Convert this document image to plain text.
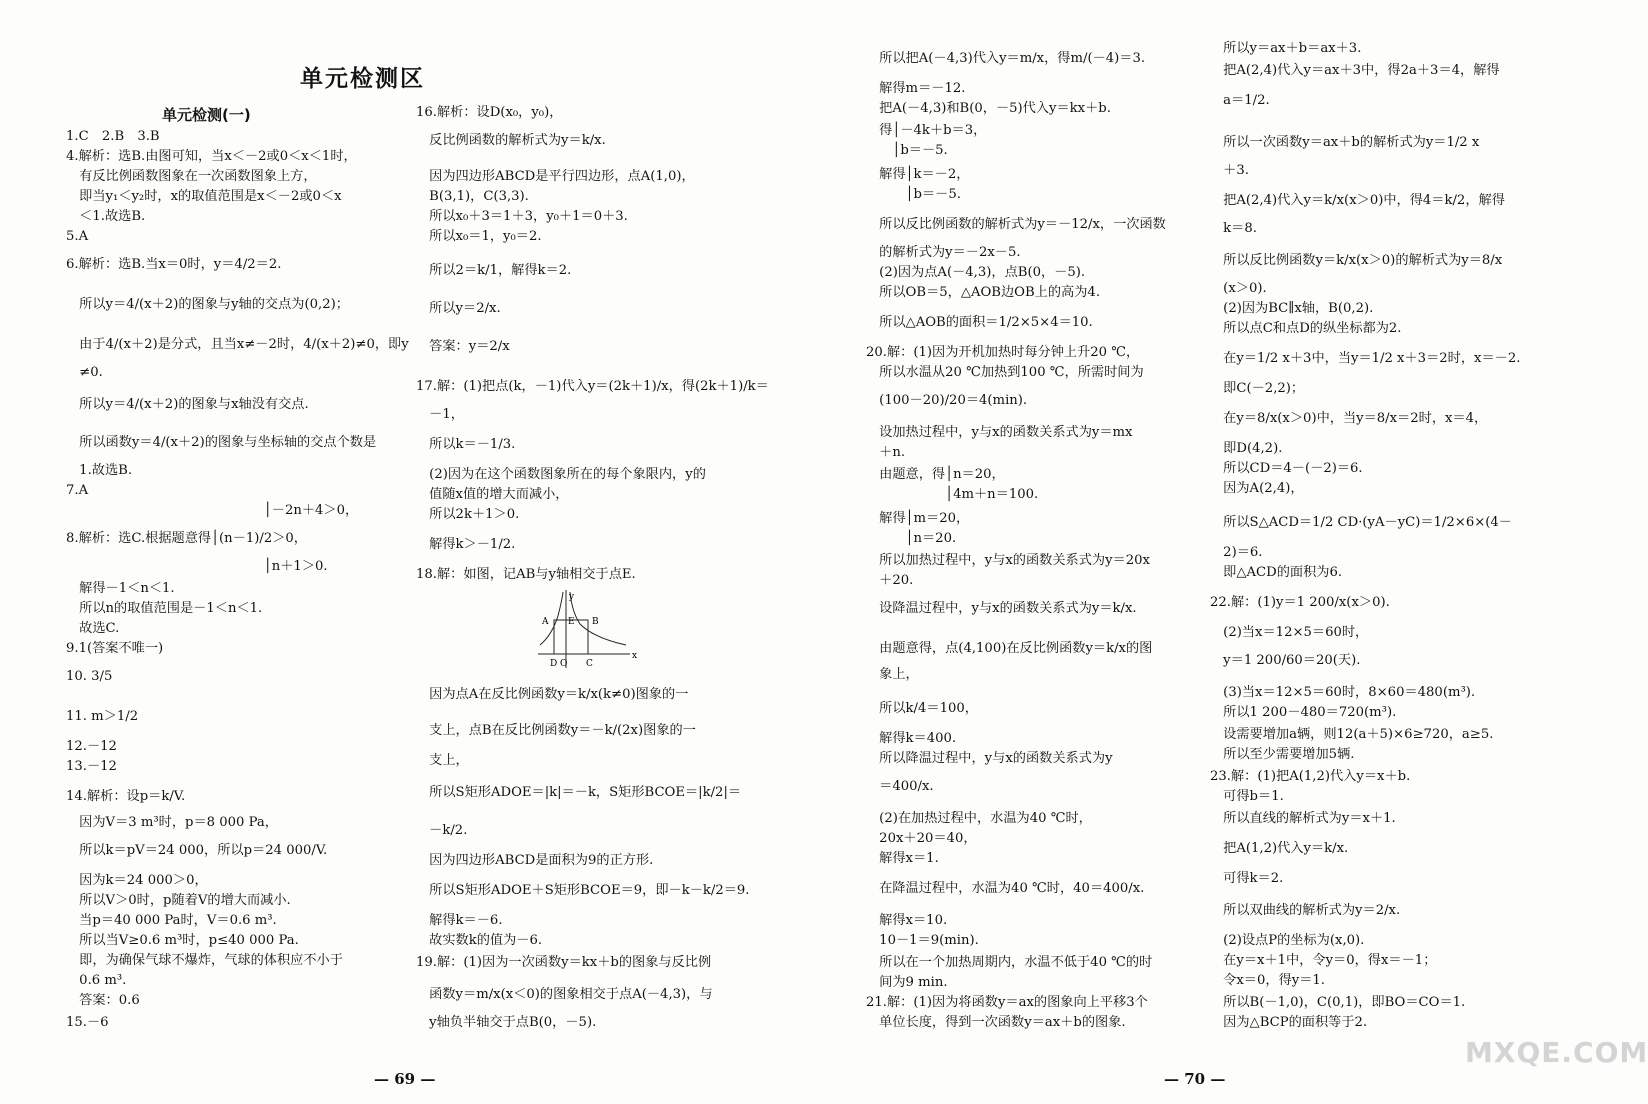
单元检测区
单元检测(一)
1.C　2.B　3.B
4.解析：选B.由图可知，当x＜－2或0＜x＜1时，
　有反比例函数图象在一次函数图象上方，
　即当y₁＜y₂时，x的取值范围是x＜－2或0＜x
　＜1.故选B.
5.A
6.解析：选B.当x＝0时，y＝4/2＝2.
　所以y＝4/(x＋2)的图象与y轴的交点为(0,2)；
　由于4/(x＋2)是分式，且当x≠－2时，4/(x＋2)≠0，即y
　≠0.
　所以y＝4/(x＋2)的图象与x轴没有交点.
　所以函数y＝4/(x＋2)的图象与坐标轴的交点个数是
　1.故选B.
7.A
　　　　　　　　　　　　　　　│－2n＋4＞0，
8.解析：选C.根据题意得│(n－1)/2＞0，
　　　　　　　　　　　　　　　│n＋1＞0.
　解得－1＜n＜1.
　所以n的取值范围是－1＜n＜1.
　故选C.
9.1(答案不唯一)
10. 3/5
11. m＞1/2
12.－12
13.－12
14.解析：设p＝k/V.
　因为V＝3 m³时，p＝8 000 Pa，
　所以k＝pV＝24 000，所以p＝24 000/V.
　因为k＝24 000＞0，
　所以V＞0时，p随着V的增大而减小.
　当p＝40 000 Pa时，V＝0.6 m³.
　所以当V≥0.6 m³时，p≤40 000 Pa.
　即，为确保气球不爆炸，气球的体积应不小于
　0.6 m³.
　答案：0.6
15.－6
16.解析：设D(x₀，y₀)，
　反比例函数的解析式为y＝k/x.
　因为四边形ABCD是平行四边形，点A(1,0)，
　B(3,1)，C(3,3).
　所以x₀＋3＝1＋3，y₀＋1＝0＋3.
　所以x₀＝1，y₀＝2.
　所以2＝k/1，解得k＝2.
　所以y＝2/x.
　答案：y＝2/x
17.解：(1)把点(k，－1)代入y＝(2k＋1)/x，得(2k＋1)/k＝
　－1，
　所以k＝－1/3.
　(2)因为在这个函数图象所在的每个象限内，y的
　值随x值的增大而减小，
　所以2k＋1＞0.
　解得k＞－1/2.
18.解：如图，记AB与y轴相交于点E.
　因为点A在反比例函数y＝k/x(k≠0)图象的一
　支上，点B在反比例函数y＝－k/(2x)图象的一
　支上，
　所以S矩形ADOE＝|k|＝－k，S矩形BCOE＝|k/2|＝
　－k/2.
　因为四边形ABCD是面积为9的正方形.
　所以S矩形ADOE＋S矩形BCOE＝9，即－k－k/2＝9.
　解得k＝－6.
　故实数k的值为－6.
19.解：(1)因为一次函数y＝kx＋b的图象与反比例
　函数y＝m/x(x＜0)的图象相交于点A(－4,3)，与
　y轴负半轴交于点B(0，－5).
　所以把A(－4,3)代入y＝m/x，得m/(－4)＝3.
　解得m＝－12.
　把A(－4,3)和B(0，－5)代入y＝kx＋b.
　得│－4k＋b＝3，
　　│b＝－5.
　解得│k＝－2，
　　　│b＝－5.
　所以反比例函数的解析式为y＝－12/x，一次函数
　的解析式为y＝－2x－5.
　(2)因为点A(－4,3)，点B(0，－5).
　所以OB＝5，△AOB边OB上的高为4.
　所以△AOB的面积＝1/2×5×4＝10.
20.解：(1)因为开机加热时每分钟上升20 ℃，
　所以水温从20 ℃加热到100 ℃，所需时间为
　(100－20)/20＝4(min).
　设加热过程中，y与x的函数关系式为y＝mx
　＋n.
　由题意，得│n＝20，
　　　　　　│4m＋n＝100.
　解得│m＝20，
　　　│n＝20.
　所以加热过程中，y与x的函数关系式为y＝20x
　＋20.
　设降温过程中，y与x的函数关系式为y＝k/x.
　由题意得，点(4,100)在反比例函数y＝k/x的图
　象上，
　所以k/4＝100，
　解得k＝400.
　所以降温过程中，y与x的函数关系式为y
　＝400/x.
　(2)在加热过程中，水温为40 ℃时，
　20x＋20＝40，
　解得x＝1.
　在降温过程中，水温为40 ℃时，40＝400/x.
　解得x＝10.
　10－1＝9(min).
　所以在一个加热周期内，水温不低于40 ℃的时
　间为9 min.
21.解：(1)因为将函数y＝ax的图象向上平移3个
　单位长度，得到一次函数y＝ax＋b的图象.
　所以y＝ax＋b＝ax＋3.
　把A(2,4)代入y＝ax＋3中，得2a＋3＝4，解得
　a＝1/2.
　所以一次函数y＝ax＋b的解析式为y＝1/2 x
　＋3.
　把A(2,4)代入y＝k/x(x＞0)中，得4＝k/2，解得
　k＝8.
　所以反比例函数y＝k/x(x＞0)的解析式为y＝8/x
　(x＞0).
　(2)因为BC∥x轴，B(0,2).
　所以点C和点D的纵坐标都为2.
　在y＝1/2 x＋3中，当y＝1/2 x＋3＝2时，x＝－2.
　即C(－2,2)；
　在y＝8/x(x＞0)中，当y＝8/x＝2时，x＝4，
　即D(4,2).
　所以CD＝4－(－2)＝6.
　因为A(2,4)，
　所以S△ACD＝1/2 CD·(yA－yC)＝1/2×6×(4－
　2)＝6.
　即△ACD的面积为6.
22.解：(1)y＝1 200/x(x＞0).
　(2)当x＝12×5＝60时，
　y＝1 200/60＝20(天).
　(3)当x＝12×5＝60时，8×60＝480(m³).
　所以1 200－480＝720(m³).
　设需要增加a辆，则12(a＋5)×6≥720，a≥5.
　所以至少需要增加5辆.
23.解：(1)把A(1,2)代入y＝x＋b.
　可得b＝1.
　所以直线的解析式为y＝x＋1.
　把A(1,2)代入y＝k/x.
　可得k＝2.
　所以双曲线的解析式为y＝2/x.
　(2)设点P的坐标为(x,0).
　在y＝x＋1中，令y＝0，得x＝－1；
　令x＝0，得y＝1.
　所以B(－1,0)，C(0,1)，即BO＝CO＝1.
　因为△BCP的面积等于2.
y
x
A E B
D O C
— 69 —	— 70 —
MXQE.COM
